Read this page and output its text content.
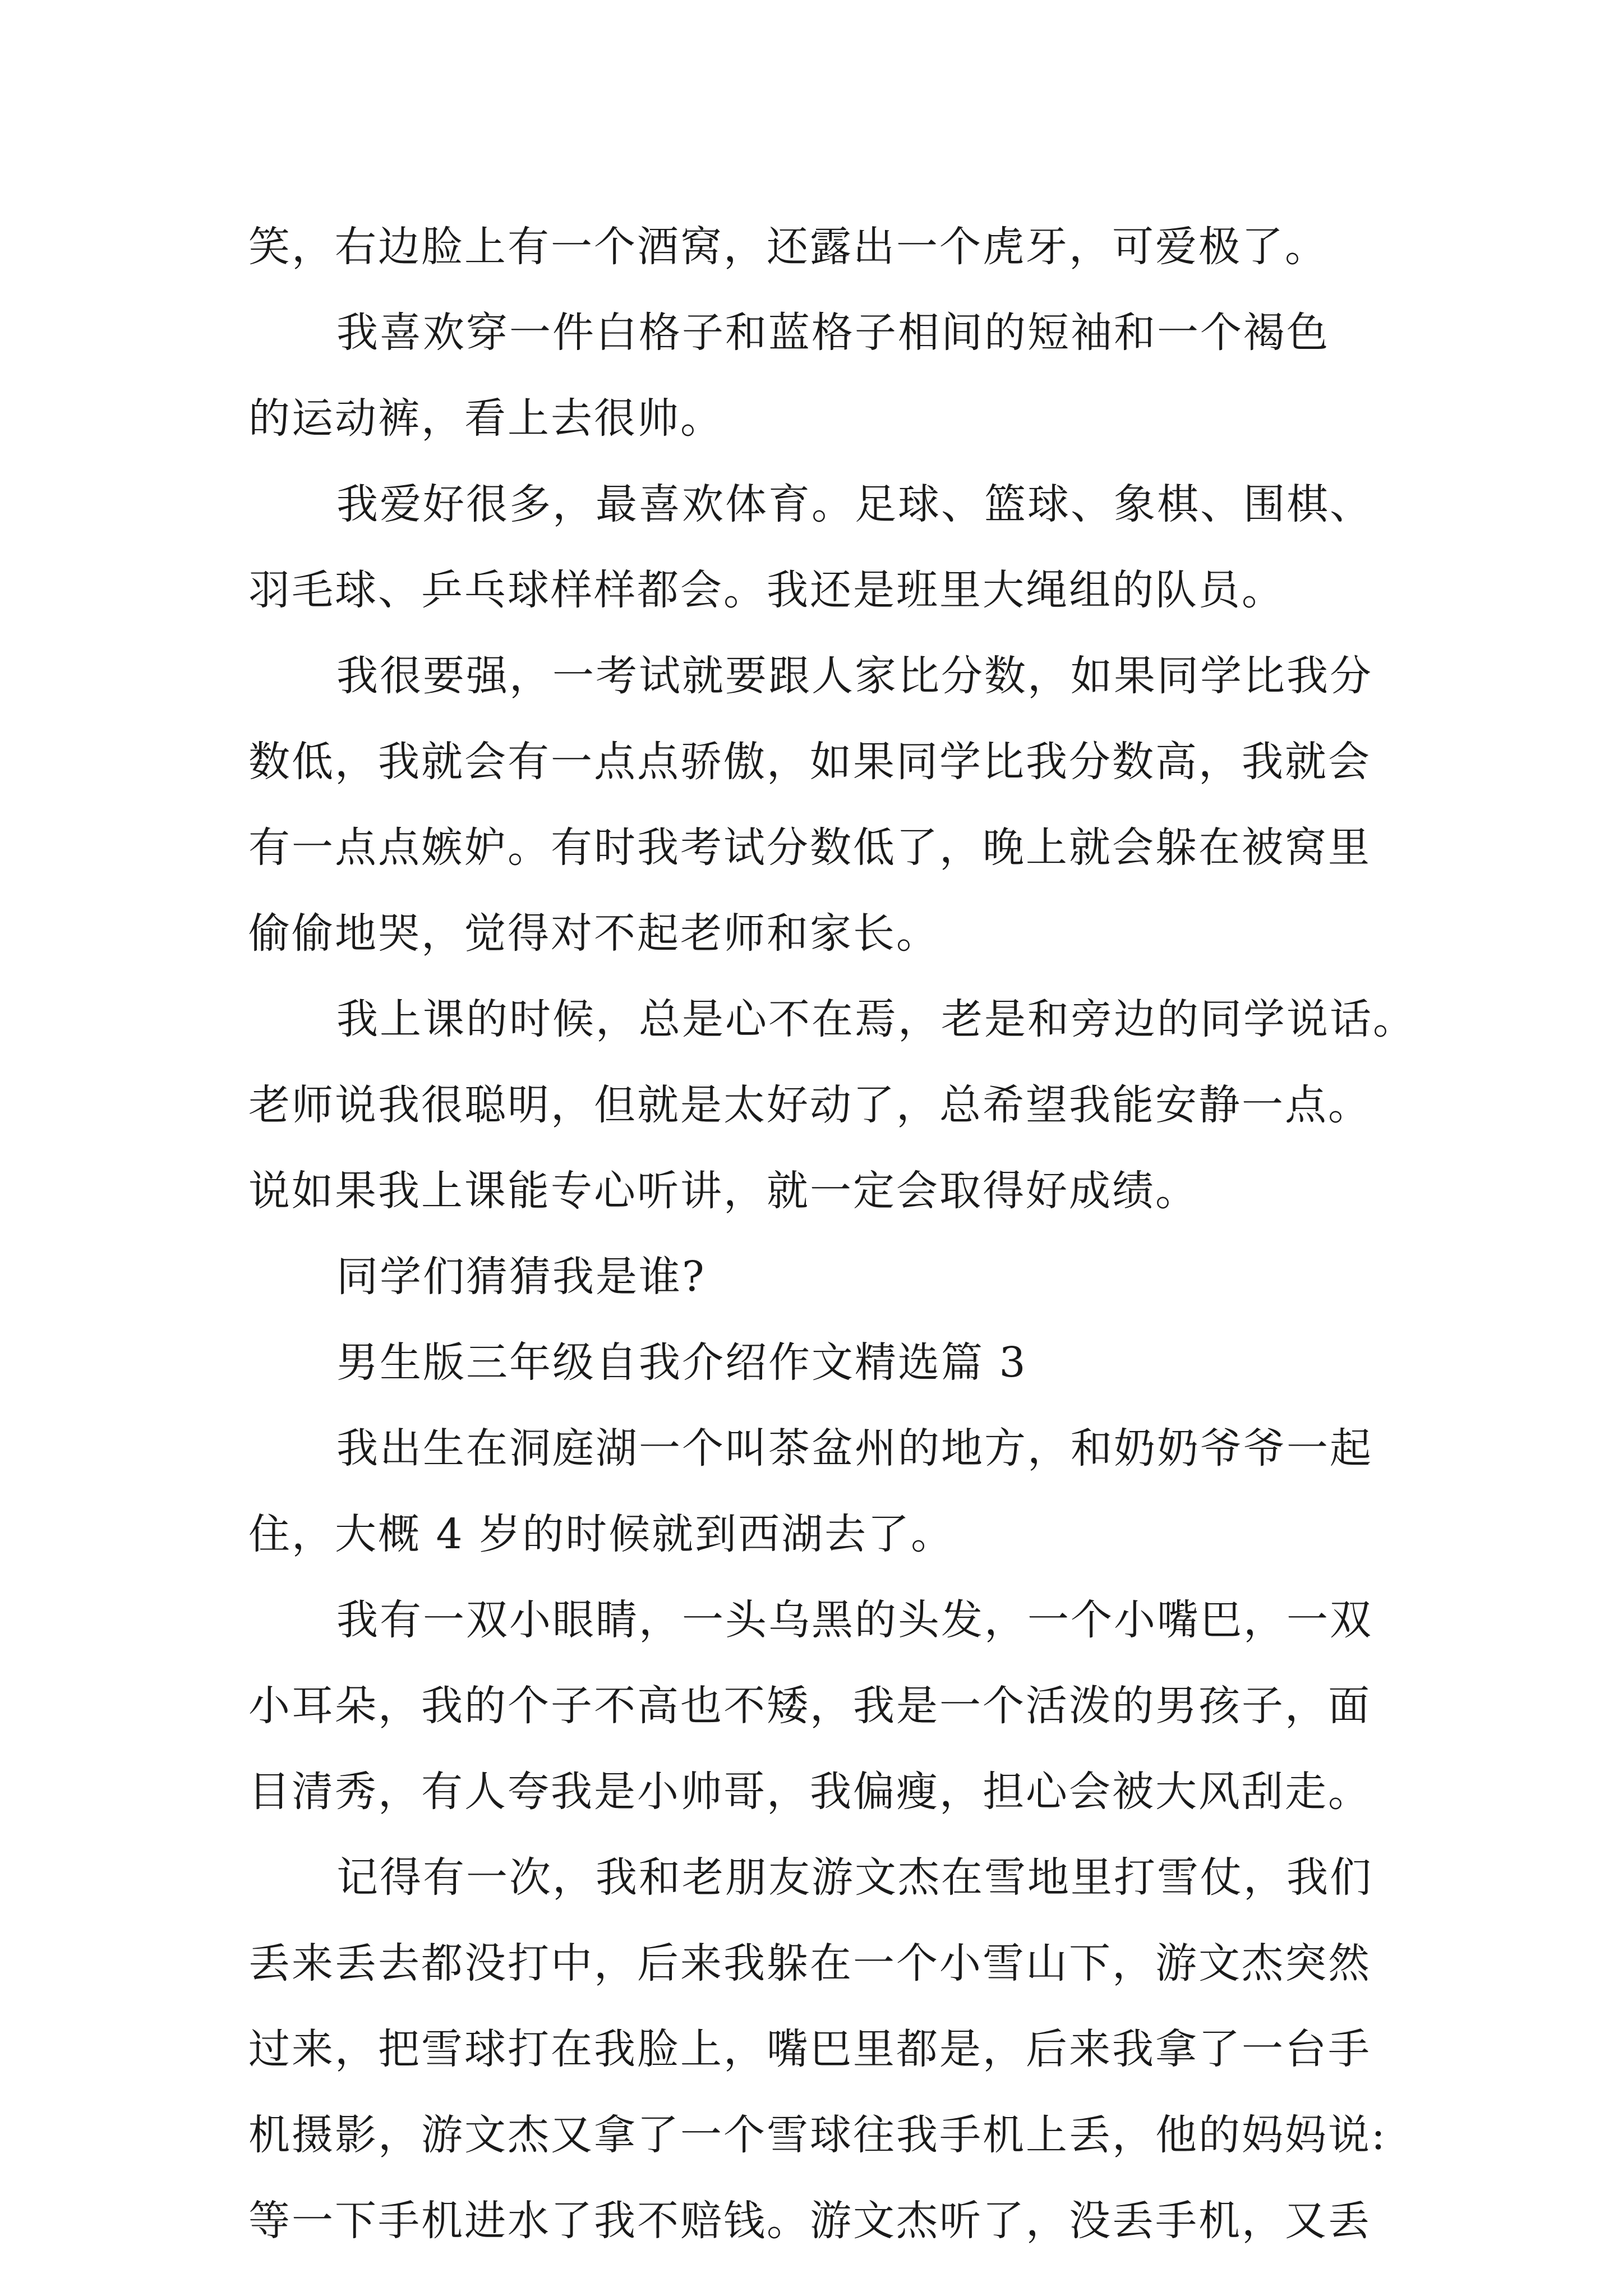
笑，右边脸上有一个酒窝，还露出一个虎牙，可爱极了。
我喜欢穿一件白格子和蓝格子相间的短袖和一个褐色
的运动裤，看上去很帅。
我爱好很多，最喜欢体育。足球、篮球、象棋、围棋、
羽毛球、乒乓球样样都会。我还是班里大绳组的队员。
我很要强，一考试就要跟人家比分数，如果同学比我分
数低，我就会有一点点骄傲，如果同学比我分数高，我就会
有一点点嫉妒。有时我考试分数低了，晚上就会躲在被窝里
偷偷地哭，觉得对不起老师和家长。
我上课的时候，总是心不在焉，老是和旁边的同学说话。
老师说我很聪明，但就是太好动了，总希望我能安静一点。
说如果我上课能专心听讲，就一定会取得好成绩。
同学们猜猜我是谁?
男生版三年级自我介绍作文精选篇 3
我出生在洞庭湖一个叫茶盆州的地方，和奶奶爷爷一起
住，大概 4 岁的时候就到西湖去了。
我有一双小眼睛，一头乌黑的头发，一个小嘴巴，一双
小耳朵，我的个子不高也不矮，我是一个活泼的男孩子，面
目清秀，有人夸我是小帅哥，我偏瘦，担心会被大风刮走。
记得有一次，我和老朋友游文杰在雪地里打雪仗，我们
丢来丢去都没打中，后来我躲在一个小雪山下，游文杰突然
过来，把雪球打在我脸上，嘴巴里都是，后来我拿了一台手
机摄影，游文杰又拿了一个雪球往我手机上丢，他的妈妈说:
等一下手机进水了我不赔钱。游文杰听了，没丢手机，又丢
